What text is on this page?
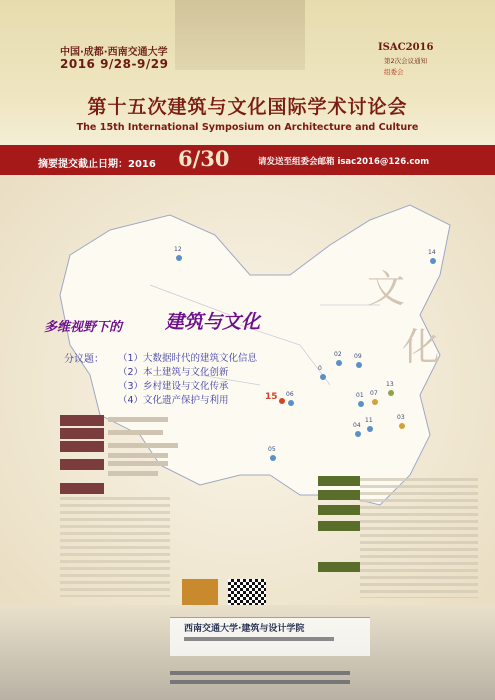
中国·成都·西南交通大学
2016 9/28-9/29
ISAC2016
第2次会议通知
组委会
第十五次建筑与文化国际学术讨论会
The 15th International Symposium on Architecture and Culture
摘要提交截止日期：2016 6/30	请发送至组委会邮箱 isac2016@126.com
文
化
12	14
02 09
0
15 06
13
07
01
11
04
05
03
多维视野下的 建筑与文化
分议题： （1）大数据时代的建筑文化信息
（2）本土建筑与文化创新
（3）乡村建设与文化传承
（4）文化遗产保护与利用
西南交通大学·建筑与设计学院
